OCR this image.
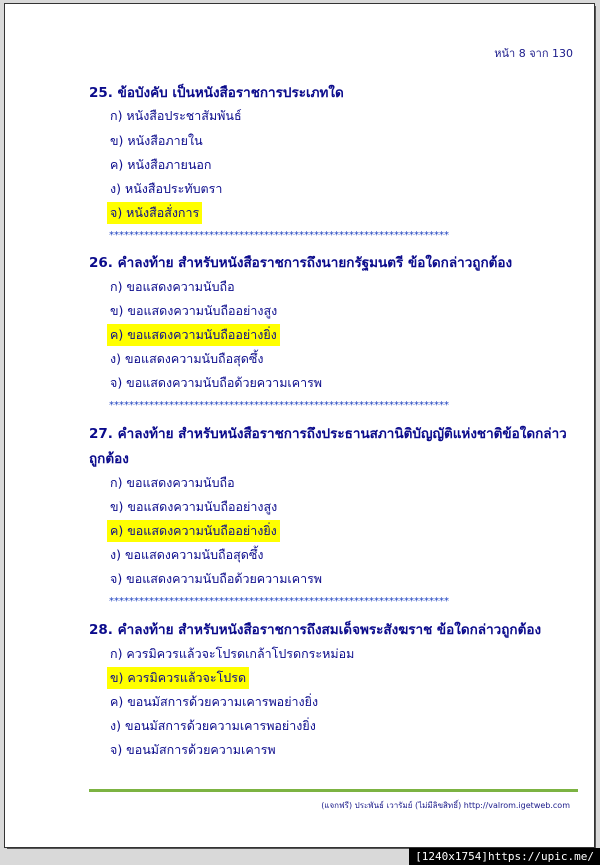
หน้า 8 จาก 130
25. ข้อบังคับ เป็นหนังสือราชการประเภทใด
ก) หนังสือประชาสัมพันธ์
ข) หนังสือภายใน
ค) หนังสือภายนอก
ง) หนังสือประทับตรา
จ) หนังสือสั่งการ
********************************************************************
26. คำลงท้าย สำหรับหนังสือราชการถึงนายกรัฐมนตรี ข้อใดกล่าวถูกต้อง
ก) ขอแสดงความนับถือ
ข) ขอแสดงความนับถืออย่างสูง
ค) ขอแสดงความนับถืออย่างยิ่ง
ง) ขอแสดงความนับถือสุดซึ้ง
จ) ขอแสดงความนับถือด้วยความเคารพ
********************************************************************
27. คำลงท้าย สำหรับหนังสือราชการถึงประธานสภานิติบัญญัติแห่งชาติข้อใดกล่าว
ถูกต้อง
ก) ขอแสดงความนับถือ
ข) ขอแสดงความนับถืออย่างสูง
ค) ขอแสดงความนับถืออย่างยิ่ง
ง) ขอแสดงความนับถือสุดซึ้ง
จ) ขอแสดงความนับถือด้วยความเคารพ
********************************************************************
28. คำลงท้าย สำหรับหนังสือราชการถึงสมเด็จพระสังฆราช ข้อใดกล่าวถูกต้อง
ก) ควรมิควรแล้วจะโปรดเกล้าโปรดกระหม่อม
ข) ควรมิควรแล้วจะโปรด
ค) ขอนมัสการด้วยความเคารพอย่างยิ่ง
ง) ขอนมัสการด้วยความเคารพอย่างยิ่ง
จ) ขอนมัสการด้วยความเคารพ
(แจกฟรี) ประพันธ์ เวารัมย์ (ไม่มีลิขสิทธิ์) http://valrom.igetweb.com
[1240x1754]https://upic.me/
